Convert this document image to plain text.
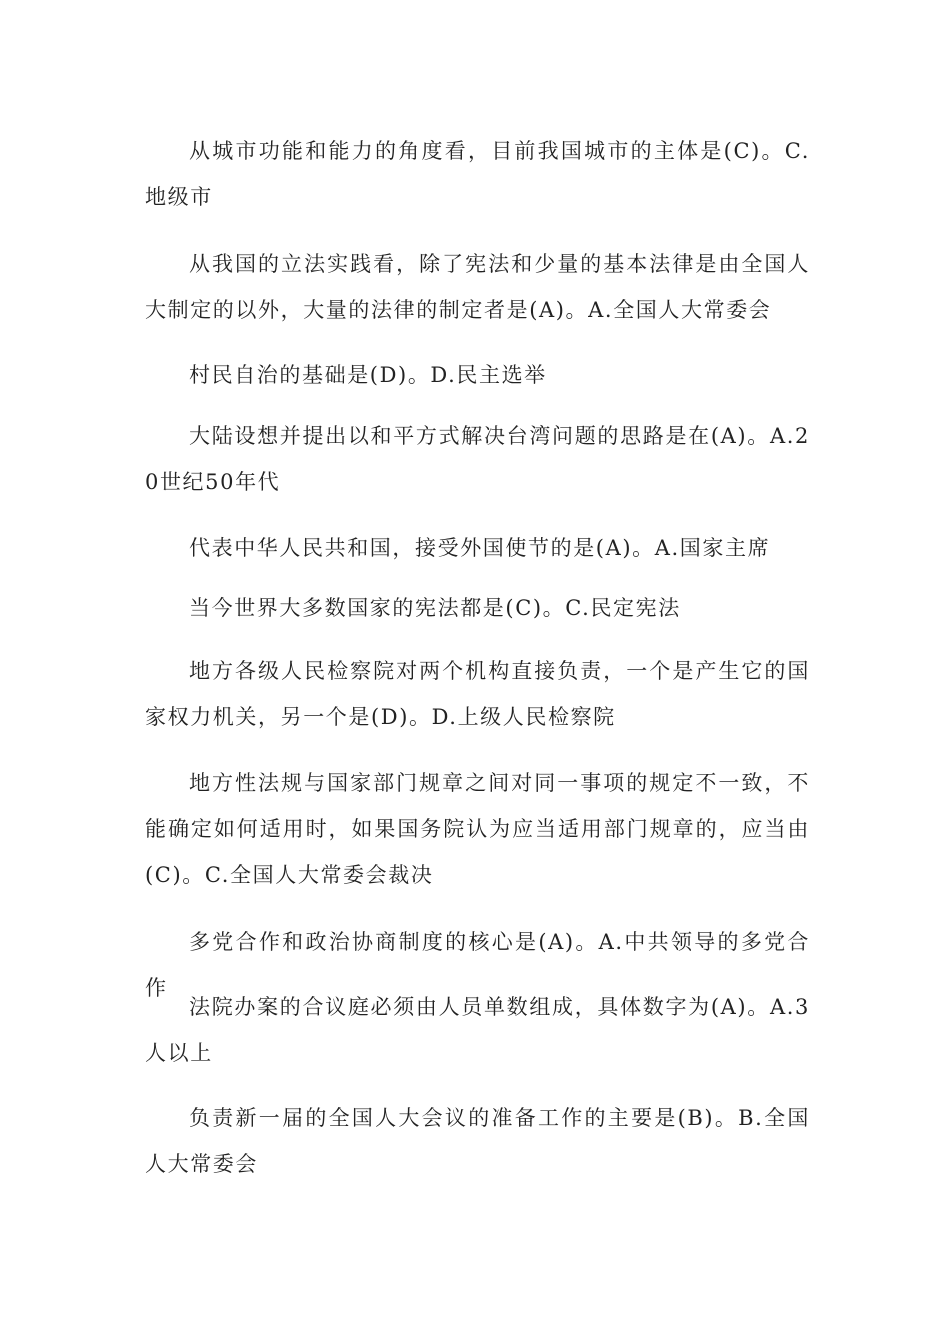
从城市功能和能力的角度看，目前我国城市的主体是(C)。C.地级市

从我国的立法实践看，除了宪法和少量的基本法律是由全国人大制定的以外，大量的法律的制定者是(A)。A.全国人大常委会

村民自治的基础是(D)。D.民主选举

大陆设想并提出以和平方式解决台湾问题的思路是在(A)。A.20世纪50年代

代表中华人民共和国，接受外国使节的是(A)。A.国家主席

当今世界大多数国家的宪法都是(C)。C.民定宪法

地方各级人民检察院对两个机构直接负责，一个是产生它的国家权力机关，另一个是(D)。D.上级人民检察院

地方性法规与国家部门规章之间对同一事项的规定不一致，不能确定如何适用时，如果国务院认为应当适用部门规章的，应当由(C)。C.全国人大常委会裁决

多党合作和政治协商制度的核心是(A)。A.中共领导的多党合作

法院办案的合议庭必须由人员单数组成，具体数字为(A)。A.3人以上

负责新一届的全国人大会议的准备工作的主要是(B)。B.全国人大常委会
